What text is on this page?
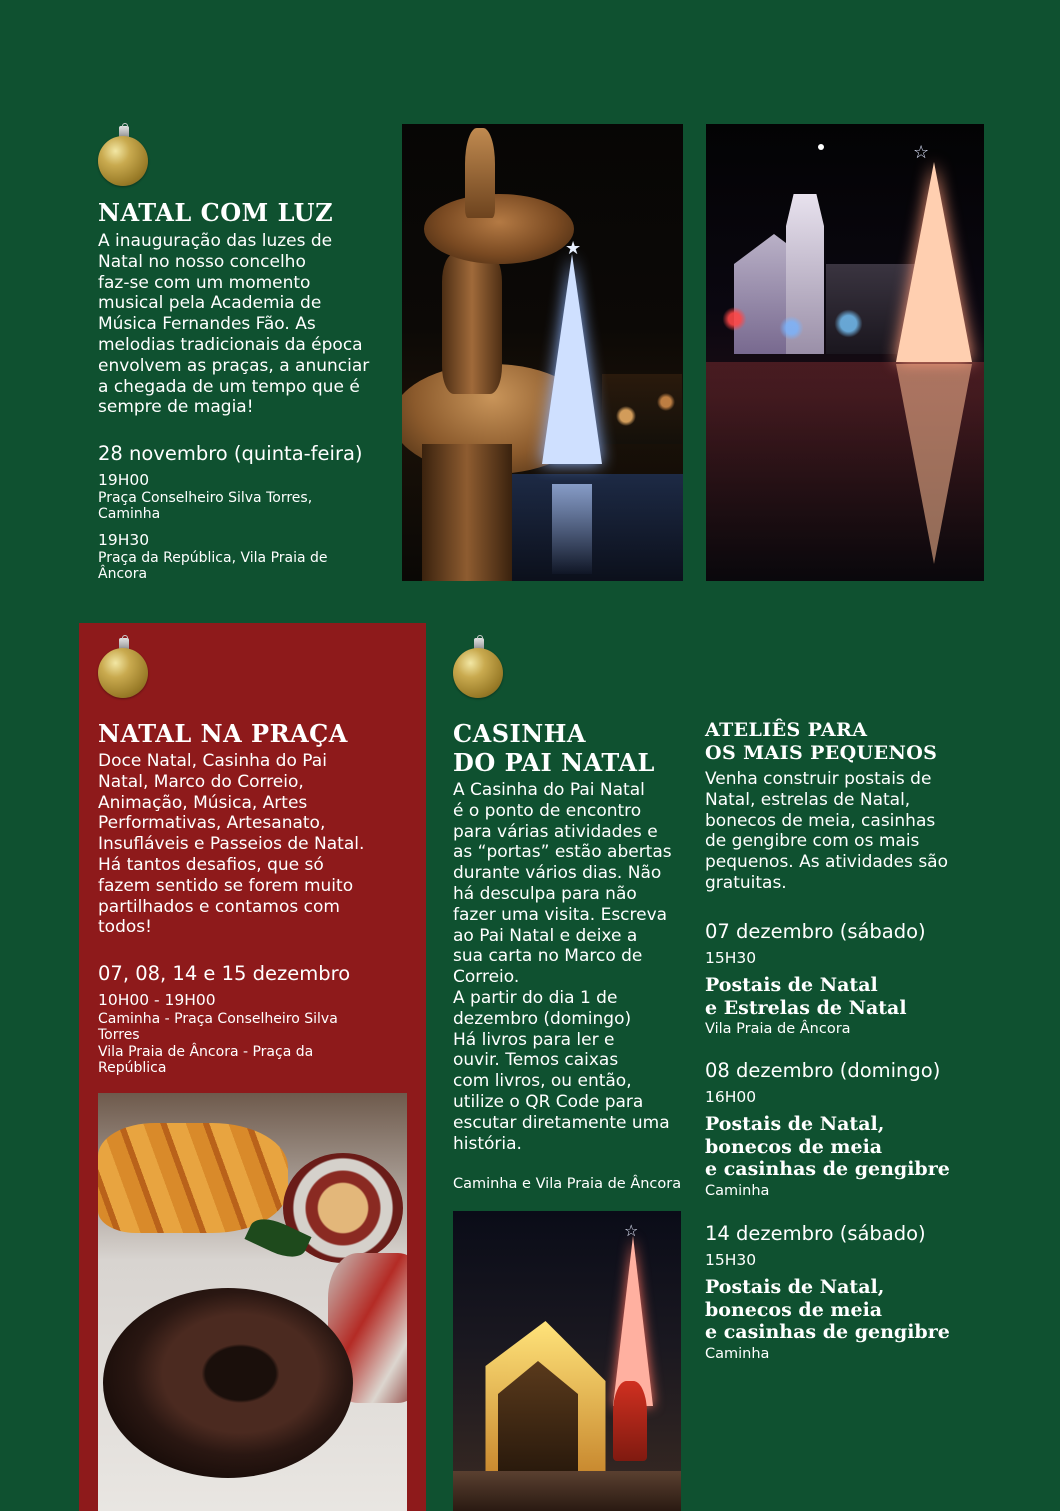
NATAL COM LUZ
A inauguração das luzes de
Natal no nosso concelho
faz-se com um momento
musical pela Academia de
Música Fernandes Fão. As
melodias tradicionais da época
envolvem as praças, a anunciar
a chegada de um tempo que é
sempre de magia!
28 novembro (quinta-feira)
19H00
Praça Conselheiro Silva Torres,
Caminha
19H30
Praça da República, Vila Praia de
Âncora
★
☆
NATAL NA PRAÇA
Doce Natal, Casinha do Pai
Natal, Marco do Correio,
Animação, Música, Artes
Performativas, Artesanato,
Insufláveis e Passeios de Natal.
Há tantos desafios, que só
fazem sentido se forem muito
partilhados e contamos com
todos!
07, 08, 14 e 15 dezembro
10H00 - 19H00
Caminha - Praça Conselheiro Silva
Torres
Vila Praia de Âncora - Praça da
República
CASINHA
DO PAI NATAL
A Casinha do Pai Natal
é o ponto de encontro
para várias atividades e
as “portas” estão abertas
durante vários dias. Não
há desculpa para não
fazer uma visita. Escreva
ao Pai Natal e deixe a
sua carta no Marco de
Correio.
A partir do dia 1 de
dezembro (domingo)
Há livros para ler e
ouvir. Temos caixas
com livros, ou então,
utilize o QR Code para
escutar diretamente uma
história.
Caminha e Vila Praia de Âncora
☆
ATELIÊS PARA
OS MAIS PEQUENOS
Venha construir postais de
Natal, estrelas de Natal,
bonecos de meia, casinhas
de gengibre com os mais
pequenos. As atividades são
gratuitas.
07 dezembro (sábado)
15H30
Postais de Natal
e Estrelas de Natal
Vila Praia de Âncora
08 dezembro (domingo)
16H00
Postais de Natal,
bonecos de meia
e casinhas de gengibre
Caminha
14 dezembro (sábado)
15H30
Postais de Natal,
bonecos de meia
e casinhas de gengibre
Caminha
